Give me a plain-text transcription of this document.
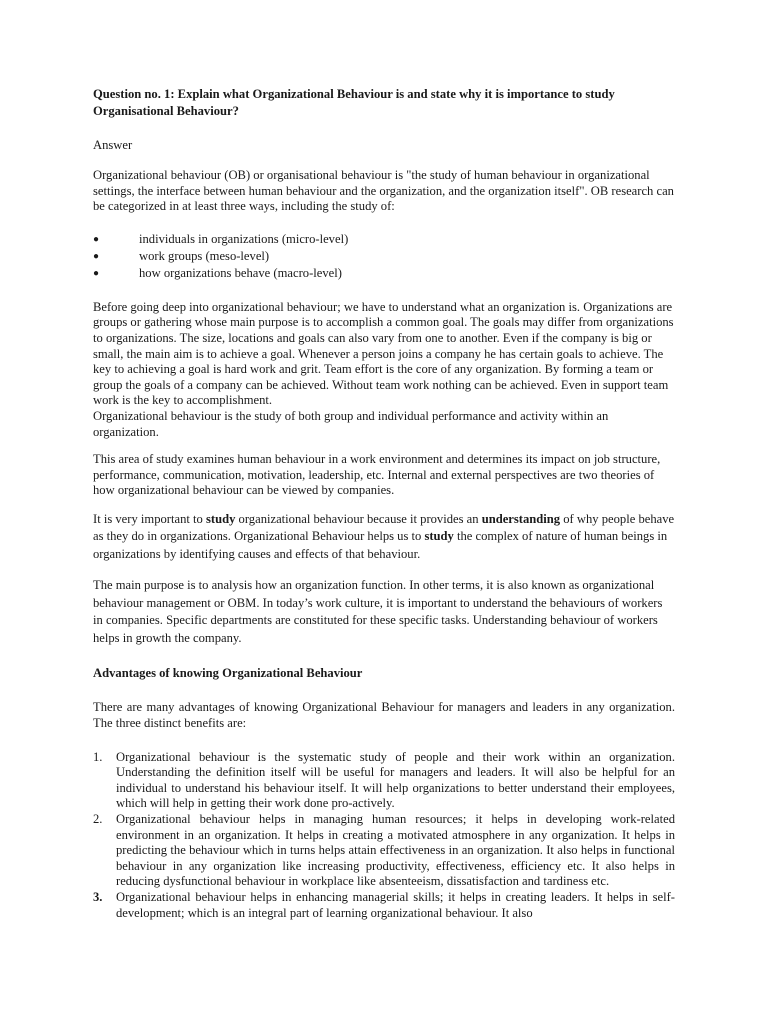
Question no. 1: Explain what Organizational Behaviour is and state why it is importance to study Organisational Behaviour?

Answer

Organizational behaviour (OB) or organisational behaviour is "the study of human behaviour in organizational settings, the interface between human behaviour and the organization, and the organization itself". OB research can be categorized in at least three ways, including the study of:

●	individuals in organizations (micro-level)
●	work groups (meso-level)
●	how organizations behave (macro-level)

Before going deep into organizational behaviour; we have to understand what an organization is. Organizations are groups or gathering whose main purpose is to accomplish a common goal. The goals may differ from organizations to organizations. The size, locations and goals can also vary from one to another. Even if the company is big or small, the main aim is to achieve a goal. Whenever a person joins a company he has certain goals to achieve. The key to achieving a goal is hard work and grit. Team effort is the core of any organization. By forming a team or group the goals of a company can be achieved. Without team work nothing can be achieved. Even in support team work is the key to accomplishment.

Organizational behaviour is the study of both group and individual performance and activity within an organization.

This area of study examines human behaviour in a work environment and determines its impact on job structure, performance, communication, motivation, leadership, etc. Internal and external perspectives are two theories of how organizational behaviour can be viewed by companies.

It is very important to study organizational behaviour because it provides an understanding of why people behave as they do in organizations. Organizational Behaviour helps us to study the complex of nature of human beings in organizations by identifying causes and effects of that behaviour.

The main purpose is to analysis how an organization function. In other terms, it is also known as organizational behaviour management or OBM. In today’s work culture, it is important to understand the behaviours of workers in companies. Specific departments are constituted for these specific tasks. Understanding behaviour of workers helps in growth the company.

Advantages of knowing Organizational Behaviour

There are many advantages of knowing Organizational Behaviour for managers and leaders in any organization. The three distinct benefits are:

1. Organizational behaviour is the systematic study of people and their work within an organization. Understanding the definition itself will be useful for managers and leaders. It will also be helpful for an individual to understand his behaviour itself. It will help organizations to better understand their employees, which will help in getting their work done pro-actively.
2. Organizational behaviour helps in managing human resources; it helps in developing work-related environment in an organization. It helps in creating a motivated atmosphere in any organization. It helps in predicting the behaviour which in turns helps attain effectiveness in an organization. It also helps in functional behaviour in any organization like increasing productivity, effectiveness, efficiency etc. It also helps in reducing dysfunctional behaviour in workplace like absenteeism, dissatisfaction and tardiness etc.
3. Organizational behaviour helps in enhancing managerial skills; it helps in creating leaders. It helps in self-development; which is an integral part of learning organizational behaviour. It also
